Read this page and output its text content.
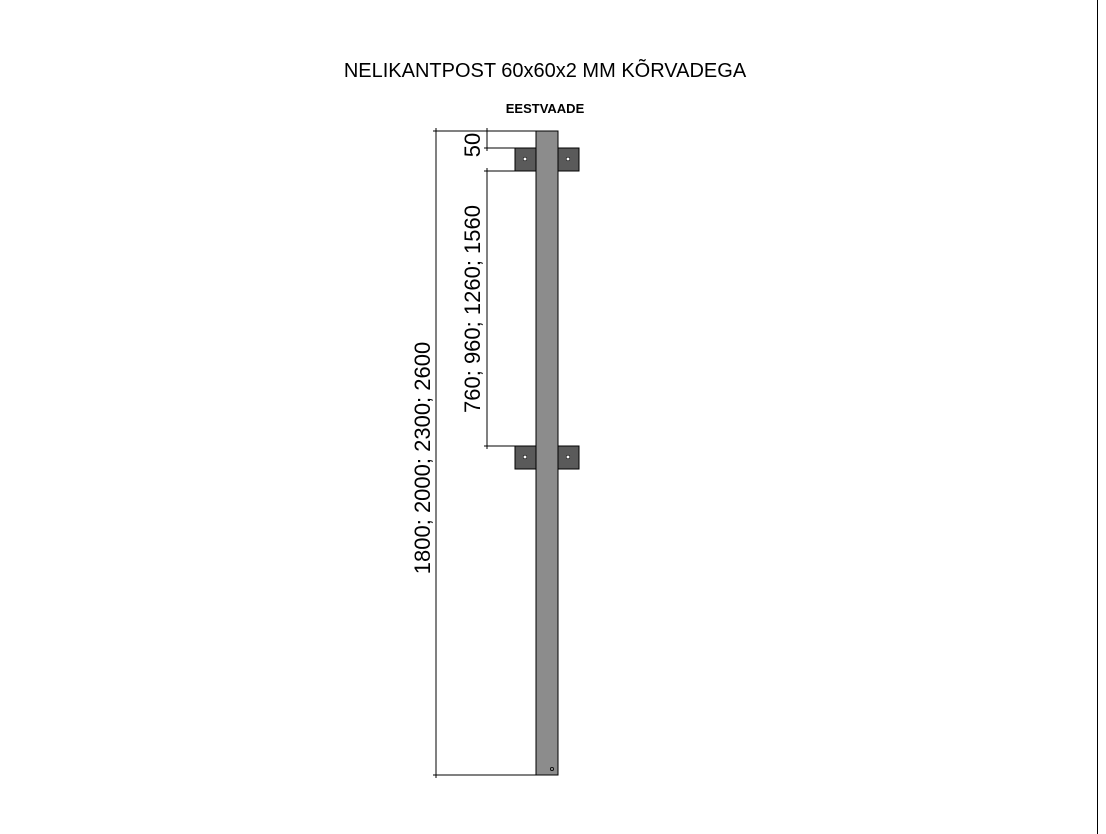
NELIKANTPOST 60x60x2 MM KÕRVADEGA
EESTVAADE
1800; 2000; 2300; 2600
50
760; 960; 1260; 1560
